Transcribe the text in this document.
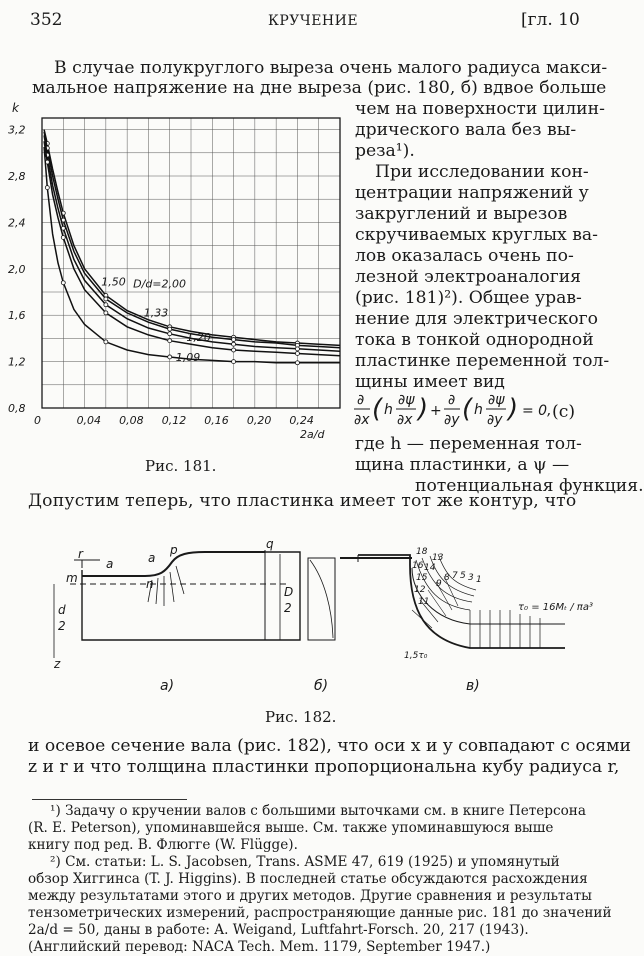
352	КРУЧЕНИЕ	[гл. 10
В случае полукруглого выреза очень малого радиуса макси-
мальное напряжение на дне выреза (рис. 180, б) вдвое больше
чем на поверхности цилин-
дрического вала без вы-
реза¹).
При исследовании кон-
центрации напряжений у
закруглений и вырезов
скручиваемых круглых ва-
лов оказалась очень по-
лезной электроаналогия
(рис. 181)²). Общее урав-
нение для электрического
тока в тонкой однородной
пластинке переменной тол-
щины имеет вид
∂
∂x ( h
∂ψ
∂x ) +
∂
∂y ( h
∂ψ
∂y ) = 0, (c)
где h — переменная тол-
щина пластинки, а ψ —
потенциальная функция.
Допустим теперь, что пластинка имеет тот же контур, что
0	0,04 0,08 0,12 0,16 0,20 0,24
0,8
1,2
1,6
2,0
2,4
2,8
3,2
k
2a/d
D/d=2,00
1,50
1,33
1,20
1,09
Рис. 181.
r
a	a
p	q
m	n
z
d
2
D
2	τ₀ = 16Mₜ / πa³
1,5τ₀
18
16
15
14
13
12
11
9
8 7 5 3 1
а)	б)	в)
Рис. 182.
и осевое сечение вала (рис. 182), что оси x и y совпадают с осями
z и r и что толщина пластинки пропорциональна кубу радиуса r,
¹) Задачу о кручении валов с большими выточками см. в книге Петерсона
(R. E. Peterson), упоминавшейся выше. См. также упоминавшуюся выше
книгу под ред. В. Флюгге (W. Flügge).
²) См. статьи: L. S. Jacobsen, Trans. ASME 47, 619 (1925) и упомянутый
обзор Хиггинса (T. J. Higgins). В последней статье обсуждаются расхождения
между результатами этого и других методов. Другие сравнения и результаты
тензометрических измерений, распространяющие данные рис. 181 до значений
2a/d = 50, даны в работе: A. Weigand, Luftfahrt-Forsch. 20, 217 (1943).
(Английский перевод: NACA Tech. Mem. 1179, September 1947.)
